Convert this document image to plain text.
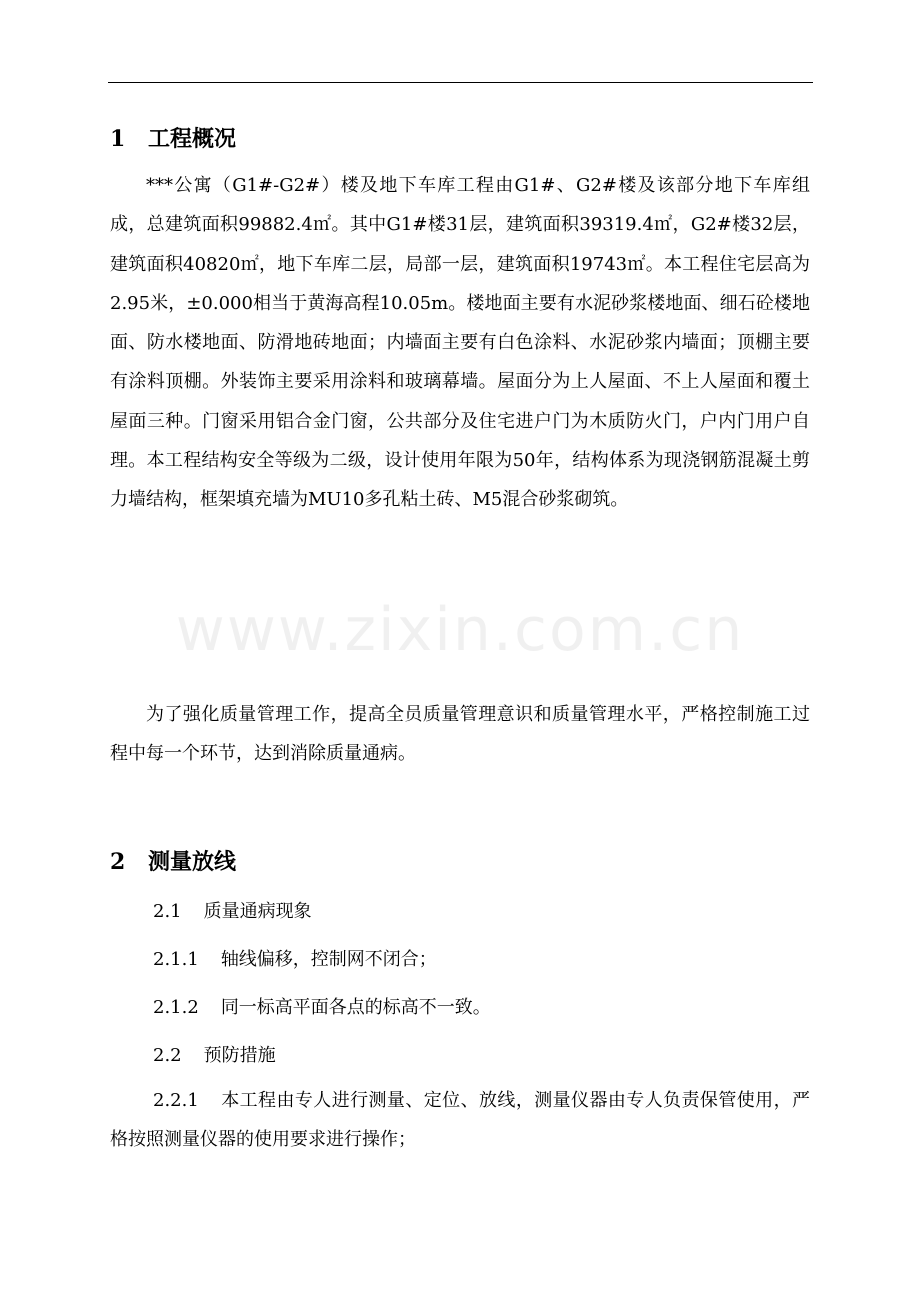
www.zixin.com.cn
1 工程概况

***公寓（G1#-G2#）楼及地下车库工程由G1#、G2#楼及该部分地下车库组成，总建筑面积99882.4㎡。其中G1#楼31层，建筑面积39319.4㎡，G2#楼32层，建筑面积40820㎡，地下车库二层，局部一层，建筑面积19743㎡。本工程住宅层高为2.95米，±0.000相当于黄海高程10.05m。楼地面主要有水泥砂浆楼地面、细石砼楼地面、防水楼地面、防滑地砖地面；内墙面主要有白色涂料、水泥砂浆内墙面；顶棚主要有涂料顶棚。外装饰主要采用涂料和玻璃幕墙。屋面分为上人屋面、不上人屋面和覆土屋面三种。门窗采用铝合金门窗，公共部分及住宅进户门为木质防火门，户内门用户自理。本工程结构安全等级为二级，设计使用年限为50年，结构体系为现浇钢筋混凝土剪力墙结构，框架填充墙为MU10多孔粘土砖、M5混合砂浆砌筑。

为了强化质量管理工作，提高全员质量管理意识和质量管理水平，严格控制施工过程中每一个环节，达到消除质量通病。

2 测量放线
2.1 质量通病现象
2.1.1 轴线偏移，控制网不闭合；
2.1.2 同一标高平面各点的标高不一致。
2.2 预防措施

2.2.1 本工程由专人进行测量、定位、放线，测量仪器由专人负责保管使用，严格按照测量仪器的使用要求进行操作；
